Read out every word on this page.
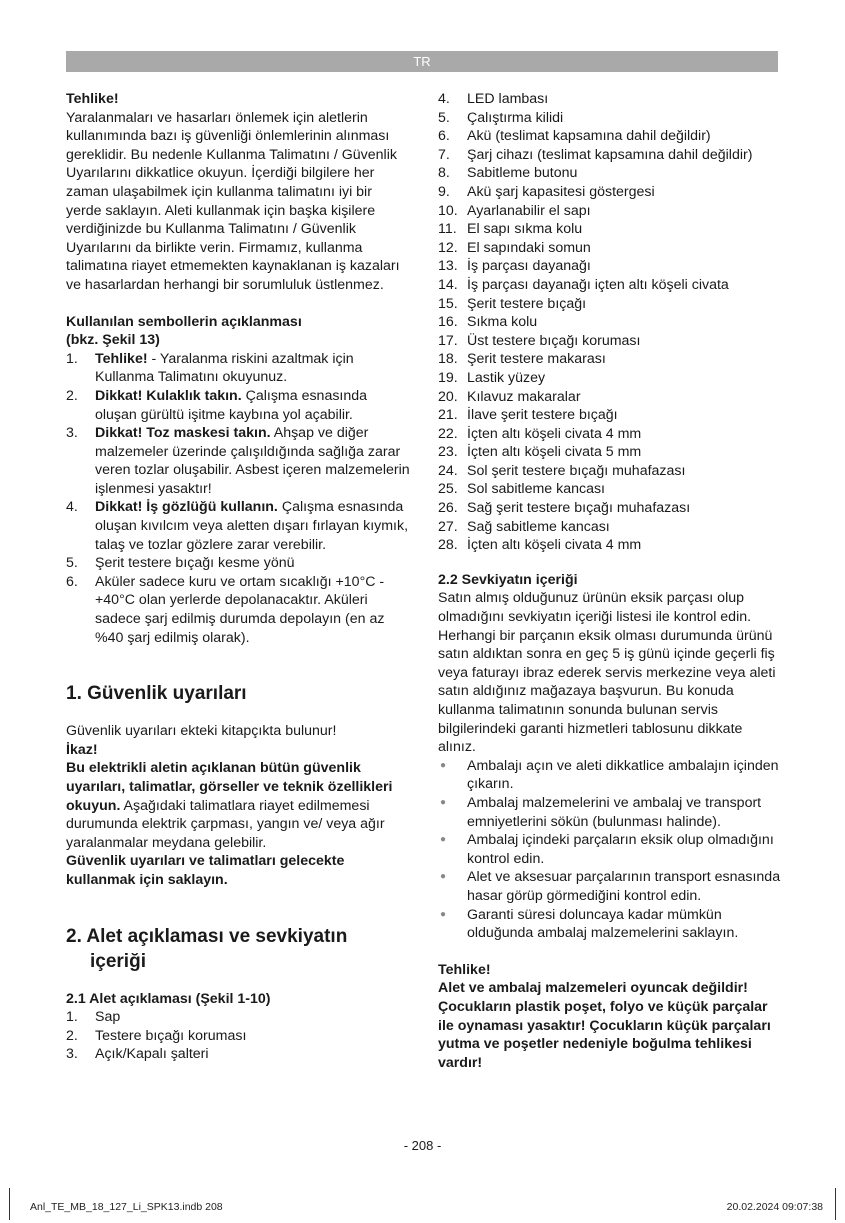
TR
Tehlike!

Yaralanmaları ve hasarları önlemek için aletlerin kullanımında bazı iş güvenliği önlemlerinin alınması gereklidir. Bu nedenle Kullanma Talimatını / Güvenlik Uyarılarını dikkatlice okuyun. İçerdiği bilgilere her zaman ulaşabilmek için kullanma talimatını iyi bir yerde saklayın. Aleti kullanmak için başka kişilere verdiğinizde bu Kullanma Talimatını / Güvenlik Uyarılarını da birlikte verin. Firmamız, kullanma talimatına riayet etmemekten kaynaklanan iş kazaları ve hasarlardan herhangi bir sorumluluk üstlenmez.

Kullanılan sembollerin açıklanması
(bkz. Şekil 13)
1.	Tehlike! - Yaralanma riskini azaltmak için Kullanma Talimatını okuyunuz.
2.	Dikkat! Kulaklık takın. Çalışma esnasında oluşan gürültü işitme kaybına yol açabilir.
3.	Dikkat! Toz maskesi takın. Ahşap ve diğer malzemeler üzerinde çalışıldığında sağlığa zarar veren tozlar oluşabilir. Asbest içeren malzemelerin işlenmesi yasaktır!
4.	Dikkat! İş gözlüğü kullanın. Çalışma esnasında oluşan kıvılcım veya aletten dışarı fırlayan kıymık, talaş ve tozlar gözlere zarar verebilir.
5.	Şerit testere bıçağı kesme yönü
6.	Aküler sadece kuru ve ortam sıcaklığı +10°C - +40°C olan yerlerde depolanacaktır. Aküleri sadece şarj edilmiş durumda depolayın (en az %40 şarj edilmiş olarak).
1. Güvenlik uyarıları
Güvenlik uyarıları ekteki kitapçıkta bulunur!
İkaz!

Bu elektrikli aletin açıklanan bütün güvenlik uyarıları, talimatlar, görseller ve teknik özellikleri okuyun. Aşağıdaki talimatlara riayet edilmemesi durumunda elektrik çarpması, yangın ve/ veya ağır yaralanmalar meydana gelebilir.

Güvenlik uyarıları ve talimatları gelecekte kullanmak için saklayın.
2. Alet açıklaması ve sevkiyatın
içeriği
2.1 Alet açıklaması (Şekil 1-10)
1.	Sap
2.	Testere bıçağı koruması
3.	Açık/Kapalı şalteri
4.	LED lambası
5.	Çalıştırma kilidi
6.	Akü (teslimat kapsamına dahil değildir)
7.	Şarj cihazı (teslimat kapsamına dahil değildir)
8.	Sabitleme butonu
9.	Akü şarj kapasitesi göstergesi
10. Ayarlanabilir el sapı
11. El sapı sıkma kolu
12. El sapındaki somun
13. İş parçası dayanağı
14. İş parçası dayanağı içten altı köşeli civata
15. Şerit testere bıçağı
16. Sıkma kolu
17. Üst testere bıçağı koruması
18. Şerit testere makarası
19. Lastik yüzey
20. Kılavuz makaralar
21. İlave şerit testere bıçağı
22. İçten altı köşeli civata 4 mm
23. İçten altı köşeli civata 5 mm
24. Sol şerit testere bıçağı muhafazası
25. Sol sabitleme kancası
26. Sağ şerit testere bıçağı muhafazası
27. Sağ sabitleme kancası
28. İçten altı köşeli civata 4 mm
2.2 Sevkiyatın içeriği

Satın almış olduğunuz ürünün eksik parçası olup olmadığını sevkiyatın içeriği listesi ile kontrol edin. Herhangi bir parçanın eksik olması durumunda ürünü satın aldıktan sonra en geç 5 iş günü içinde geçerli fiş veya faturayı ibraz ederek servis merkezine veya aleti satın aldığınız mağazaya başvurun. Bu konuda kullanma talimatının sonunda bulunan servis bilgilerindeki garanti hizmetleri tablosunu dikkate alınız.

●	Ambalajı açın ve aleti dikkatlice ambalajın içinden çıkarın.
●	Ambalaj malzemelerini ve ambalaj ve transport emniyetlerini sökün (bulunması halinde).
●	Ambalaj içindeki parçaların eksik olup olmadığını kontrol edin.
●	Alet ve aksesuar parçalarının transport esnasında hasar görüp görmediğini kontrol edin.
●	Garanti süresi doluncaya kadar mümkün olduğunda ambalaj malzemelerini saklayın.
Tehlike!
Alet ve ambalaj malzemeleri oyuncak değildir! Çocukların plastik poşet, folyo ve küçük parçalar ile oynaması yasaktır! Çocukların küçük parçaları yutma ve poşetler nedeniyle boğulma tehlikesi vardır!
- 208 -
Anl_TE_MB_18_127_Li_SPK13.indb 208	20.02.2024 09:07:38
